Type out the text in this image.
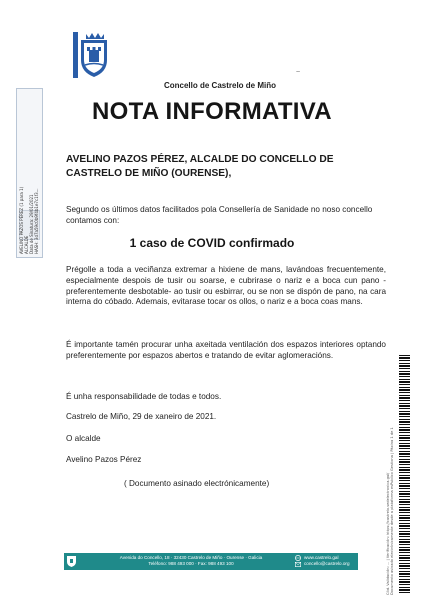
Concello de Castrelo de Miño
~
NOTA INFORMATIVA
AVELINO PAZOS PÉREZ, ALCALDE DO CONCELLO DE CASTRELO DE MIÑO (OURENSE),

Segundo os últimos datos facilitados pola Consellería de Sanidade no noso concello contamos con:

1 caso de COVID confirmado

Prégolle a toda a veciñanza extremar a hixiene de mans, lavándoas frecuentemente, especialmente despois de tusir ou soarse, e cubrirase o nariz e a boca cun pano -preferentemente desbotable- ao tusir ou esbirrar, ou se non se dispón de pano, na cara interna do cóbado. Ademais, evitarase tocar os ollos, o nariz e a boca coas mans.

É importante tamén procurar unha axeitada ventilación dos espazos interiores optando preferentemente por espazos abertos e tratando de evitar aglomeracións.

É unha responsabilidade de todas e todos.

Castrelo de Miño, 29 de xaneiro de 2021.

O alcalde

Avelino Pazos Pérez

( Documento asinado electrónicamente)

AVELINO PAZOS PÉREZ (1 para 1) ALCALDE Data de Sinatura: 29/01/2021 HASH: 3d7a59c0b9f4b1e7c1f3...
Cód. Validación: ... | Verificación: https://castrelo.sedelectronica.gal/ Documento asinado electrónicamente desde a plataforma esPublico Gestiona | Páxina 1 de 1
Avenida do Concello, 18 · 32430 Castrelo de Miño · Ourense · Galicia
Teléfono: 988 493 000 · Fax: 988 493 100
www.castrelo.gal
concello@castrelo.org
